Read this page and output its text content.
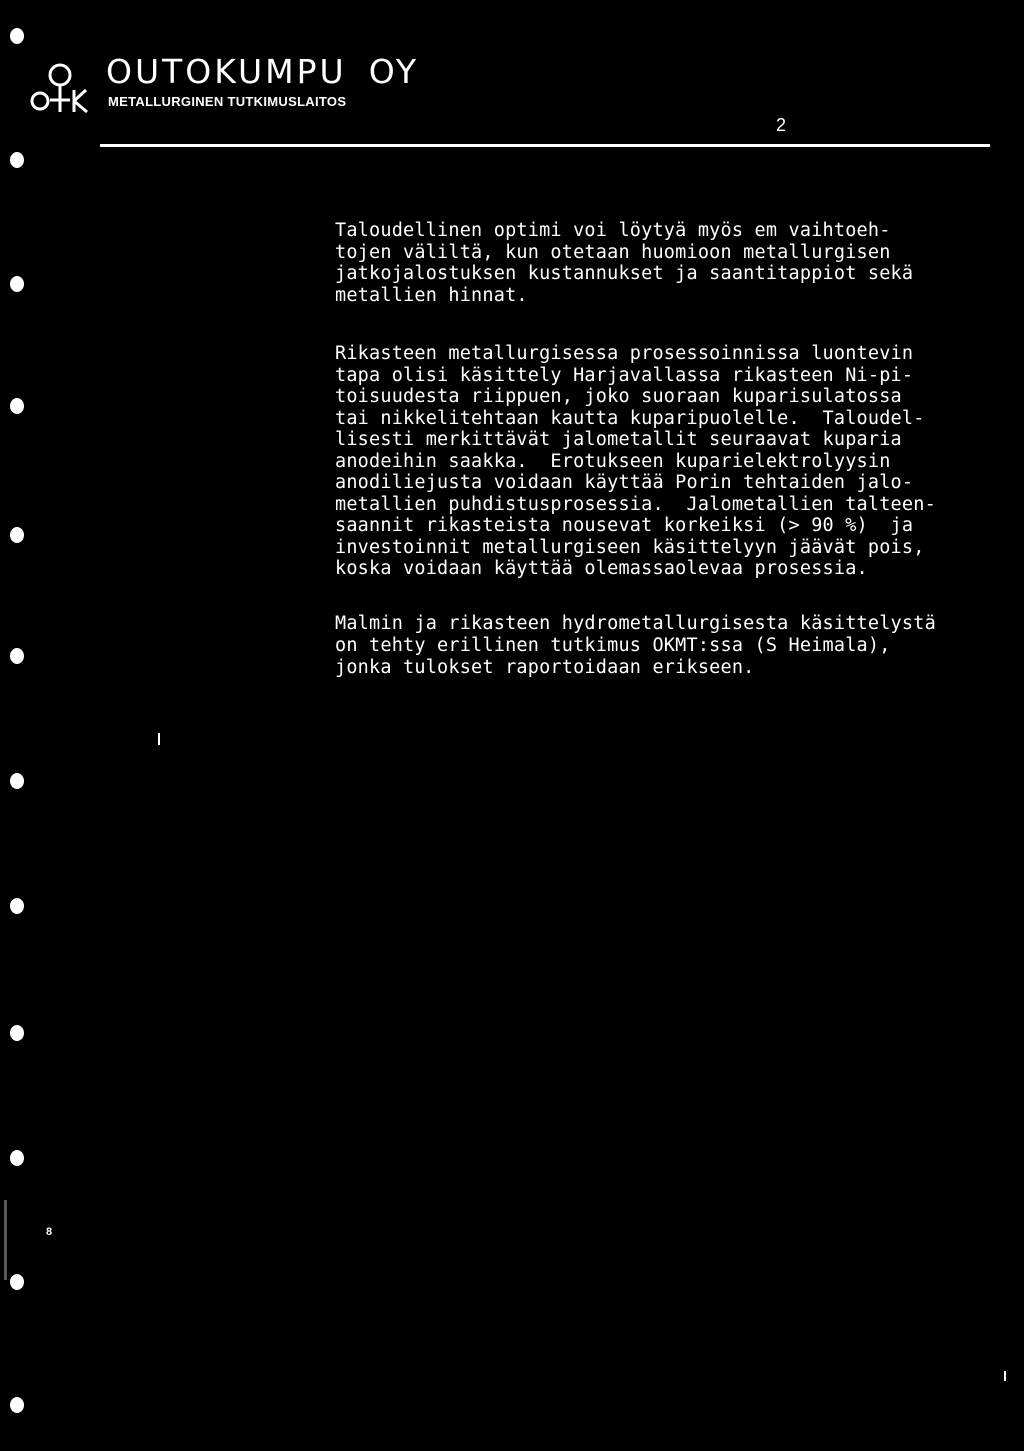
OUTOKUMPU OY
METALLURGINEN TUTKIMUSLAITOS
2

Taloudellinen optimi voi löytyä myös em vaihtoeh-
tojen väliltä, kun otetaan huomioon metallurgisen
jatkojalostuksen kustannukset ja saantitappiot sekä
metallien hinnat.

Rikasteen metallurgisessa prosessoinnissa luontevin
tapa olisi käsittely Harjavallassa rikasteen Ni-pi-
toisuudesta riippuen, joko suoraan kuparisulatossa
tai nikkelitehtaan kautta kuparipuolelle.  Taloudel-
lisesti merkittävät jalometallit seuraavat kuparia
anodeihin saakka.  Erotukseen kuparielektrolyysin
anodiliejusta voidaan käyttää Porin tehtaiden jalo-
metallien puhdistusprosessia.  Jalometallien talteen-
saannit rikasteista nousevat korkeiksi (> 90 %)  ja
investoinnit metallurgiseen käsittelyyn jäävät pois,
koska voidaan käyttää olemassaolevaa prosessia.

Malmin ja rikasteen hydrometallurgisesta käsittelystä
on tehty erillinen tutkimus OKMT:ssa (S Heimala),
jonka tulokset raportoidaan erikseen.

8
